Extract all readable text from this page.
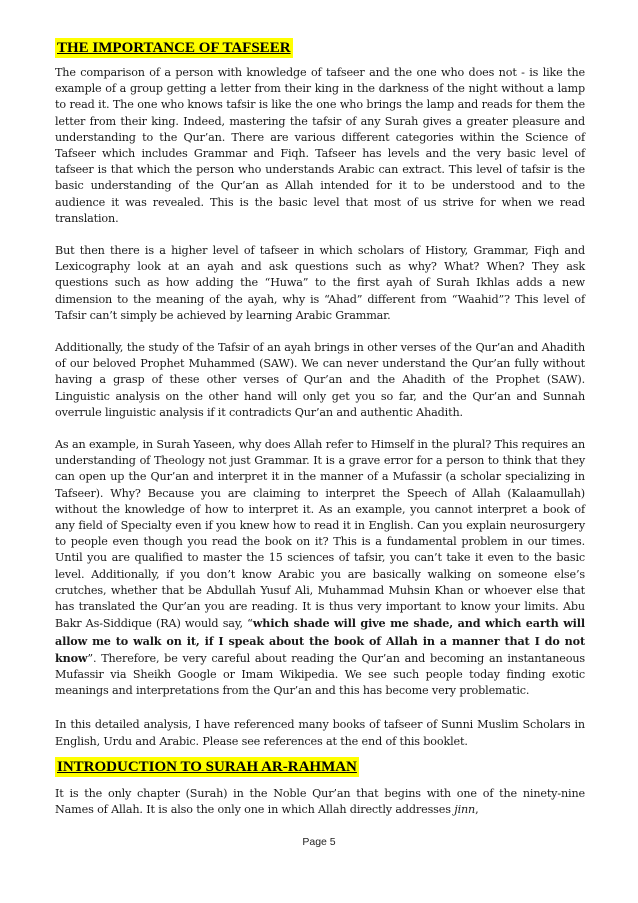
THE IMPORTANCE OF TAFSEER

The comparison of a person with knowledge of tafseer and the one who does not - is like the example of a group getting a letter from their king in the darkness of the night without a lamp to read it. The one who knows tafsir is like the one who brings the lamp and reads for them the letter from their king. Indeed, mastering the tafsir of any Surah gives a greater pleasure and understanding to the Qur’an. There are various different categories within the Science of Tafseer which includes Grammar and Fiqh. Tafseer has levels and the very basic level of tafseer is that which the person who understands Arabic can extract. This level of tafsir is the basic understanding of the Qur’an as Allah intended for it to be understood and to the audience it was revealed. This is the basic level that most of us strive for when we read translation.

But then there is a higher level of tafseer in which scholars of History, Grammar, Fiqh and Lexicography look at an ayah and ask questions such as why? What? When? They ask questions such as how adding the “Huwa” to the first ayah of Surah Ikhlas adds a new dimension to the meaning of the ayah, why is “Ahad” different from “Waahid”? This level of Tafsir can’t simply be achieved by learning Arabic Grammar.

Additionally, the study of the Tafsir of an ayah brings in other verses of the Qur’an and Ahadith of our beloved Prophet Muhammed (SAW). We can never understand the Qur’an fully without having a grasp of these other verses of Qur’an and the Ahadith of the Prophet (SAW). Linguistic analysis on the other hand will only get you so far, and the Qur’an and Sunnah overrule linguistic analysis if it contradicts Qur’an and authentic Ahadith.

As an example, in Surah Yaseen, why does Allah refer to Himself in the plural? This requires an understanding of Theology not just Grammar. It is a grave error for a person to think that they can open up the Qur’an and interpret it in the manner of a Mufassir (a scholar specializing in Tafseer). Why? Because you are claiming to interpret the Speech of Allah (Kalaamullah) without the knowledge of how to interpret it. As an example, you cannot interpret a book of any field of Specialty even if you knew how to read it in English. Can you explain neurosurgery to people even though you read the book on it? This is a fundamental problem in our times. Until you are qualified to master the 15 sciences of tafsir, you can’t take it even to the basic level. Additionally, if you don’t know Arabic you are basically walking on someone else’s crutches, whether that be Abdullah Yusuf Ali, Muhammad Muhsin Khan or whoever else that has translated the Qur’an you are reading. It is thus very important to know your limits. Abu Bakr As-Siddique (RA) would say, “which shade will give me shade, and which earth will allow me to walk on it, if I speak about the book of Allah in a manner that I do not know”. Therefore, be very careful about reading the Qur’an and becoming an instantaneous Mufassir via Sheikh Google or Imam Wikipedia. We see such people today finding exotic meanings and interpretations from the Qur’an and this has become very problematic.

In this detailed analysis, I have referenced many books of tafseer of Sunni Muslim Scholars in English, Urdu and Arabic. Please see references at the end of this booklet.

INTRODUCTION TO SURAH AR-RAHMAN

It is the only chapter (Surah) in the Noble Qur’an that begins with one of the ninety-nine Names of Allah. It is also the only one in which Allah directly addresses jinn,

Page 5
